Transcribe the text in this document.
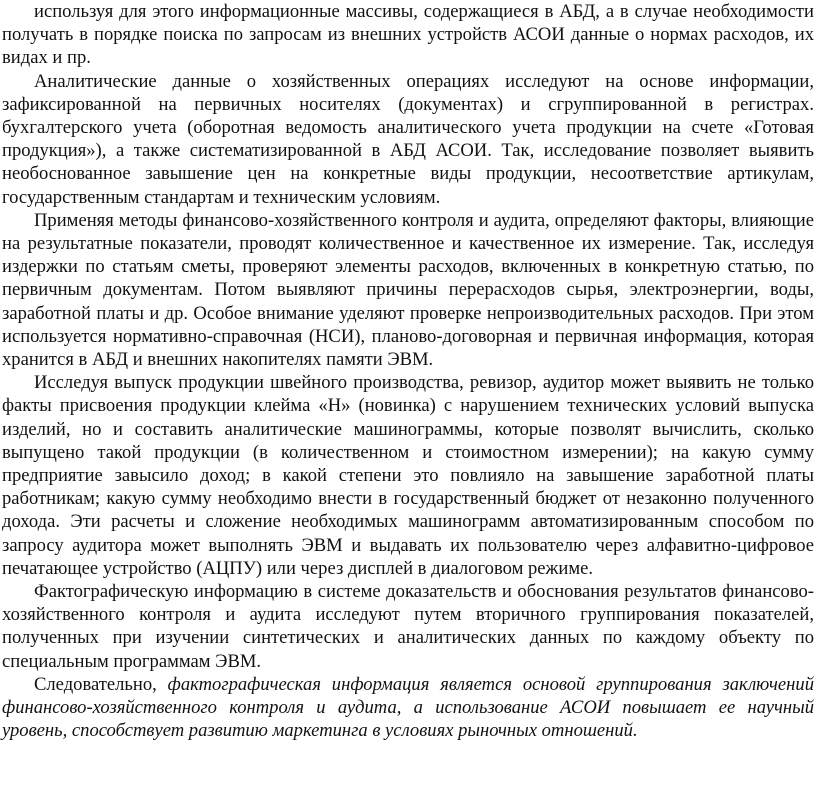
используя для этого информационные массивы, содержащиеся в АБД, а в случае необходимости получать в порядке поиска по запросам из внешних устройств АСОИ данные о нормах расходов, их видах и пр.

Аналитические данные о хозяйственных операциях исследуют на основе информации, зафиксированной на первичных носителях (документах) и сгруппированной в регистрах. бухгалтерского учета (оборотная ведомость аналитического учета продукции на счете «Готовая продукция»), а также систематизированной в АБД АСОИ. Так, исследование позволяет выявить необоснованное завышение цен на конкретные виды продукции, несоответствие артикулам, государственным стандартам и техническим условиям.

Применяя методы финансово-хозяйственного контроля и аудита, определяют факторы, влияющие на результатные показатели, проводят количественное и качественное их измерение. Так, исследуя издержки по статьям сметы, проверяют элементы расходов, включенных в конкретную статью, по первичным документам. Потом выявляют причины перерасходов сырья, электроэнергии, воды, заработной платы и др. Особое внимание уделяют проверке непроизводительных расходов. При этом используется нормативно-справочная (НСИ), планово-договорная и первичная информация, которая хранится в АБД и внешних накопителях памяти ЭВМ.

Исследуя выпуск продукции швейного производства, ревизор, аудитор может выявить не только факты присвоения продукции клейма «Н» (новинка) с нарушением технических условий выпуска изделий, но и составить аналитические машинограммы, которые позволят вычислить, сколько выпущено такой продукции (в количественном и стоимостном измерении); на какую сумму предприятие завысило доход; в какой степени это повлияло на завышение заработной платы работникам; какую сумму необходимо внести в государственный бюджет от незаконно полученного дохода. Эти расчеты и сложение необходимых машинограмм автоматизированным способом по запросу аудитора может выполнять ЭВМ и выдавать их пользователю через алфавитно-цифровое печатающее устройство (АЦПУ) или через дисплей в диалоговом режиме.

Фактографическую информацию в системе доказательств и обоснования результатов финансово-хозяйственного контроля и аудита исследуют путем вторичного группирования показателей, полученных при изучении синтетических и аналитических данных по каждому объекту по специальным программам ЭВМ.

Следовательно, фактографическая информация является основой группирования заключений финансово-хозяйственного контроля и аудита, а использование АСОИ повышает ее научный уровень, способствует развитию маркетинга в условиях рыночных отношений.
